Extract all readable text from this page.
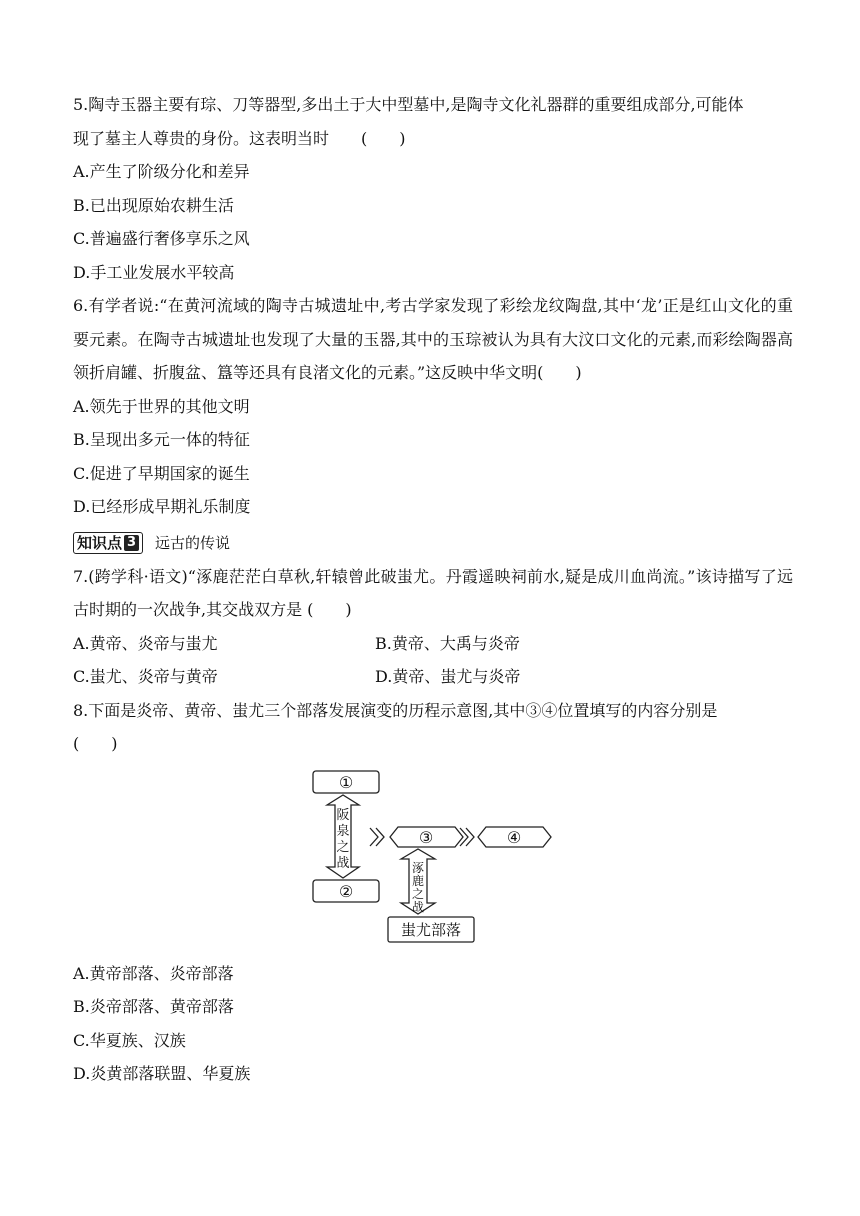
5.陶寺玉器主要有琮、刀等器型,多出土于大中型墓中,是陶寺文化礼器群的重要组成部分,可能体
现了墓主人尊贵的身份。这表明当时　　(　　)
A.产生了阶级分化和差异
B.已出现原始农耕生活
C.普遍盛行奢侈享乐之风
D.手工业发展水平较高
6.有学者说:“在黄河流域的陶寺古城遗址中,考古学家发现了彩绘龙纹陶盘,其中‘龙’正是红山文化的重要元素。在陶寺古城遗址也发现了大量的玉器,其中的玉琮被认为具有大汶口文化的元素,而彩绘陶器高领折肩罐、折腹盆、簋等还具有良渚文化的元素。”这反映中华文明(　　)
A.领先于世界的其他文明
B.呈现出多元一体的特征
C.促进了早期国家的诞生
D.已经形成早期礼乐制度
知识点 3 远古的传说
7.(跨学科·语文)“涿鹿茫茫白草秋,轩辕曾此破蚩尤。丹霞遥映祠前水,疑是成川血尚流。”该诗描写了远古时期的一次战争,其交战双方是 (　　)
A.黄帝、炎帝与蚩尤	B.黄帝、大禹与炎帝
C.蚩尤、炎帝与黄帝	D.黄帝、蚩尤与炎帝
8.下面是炎帝、黄帝、蚩尤三个部落发展演变的历程示意图,其中③④位置填写的内容分别是
(　　)
①
②
③	④
阪
泉
之
战	涿
鹿
之
战
蚩尤部落
A.黄帝部落、炎帝部落
B.炎帝部落、黄帝部落
C.华夏族、汉族
D.炎黄部落联盟、华夏族
